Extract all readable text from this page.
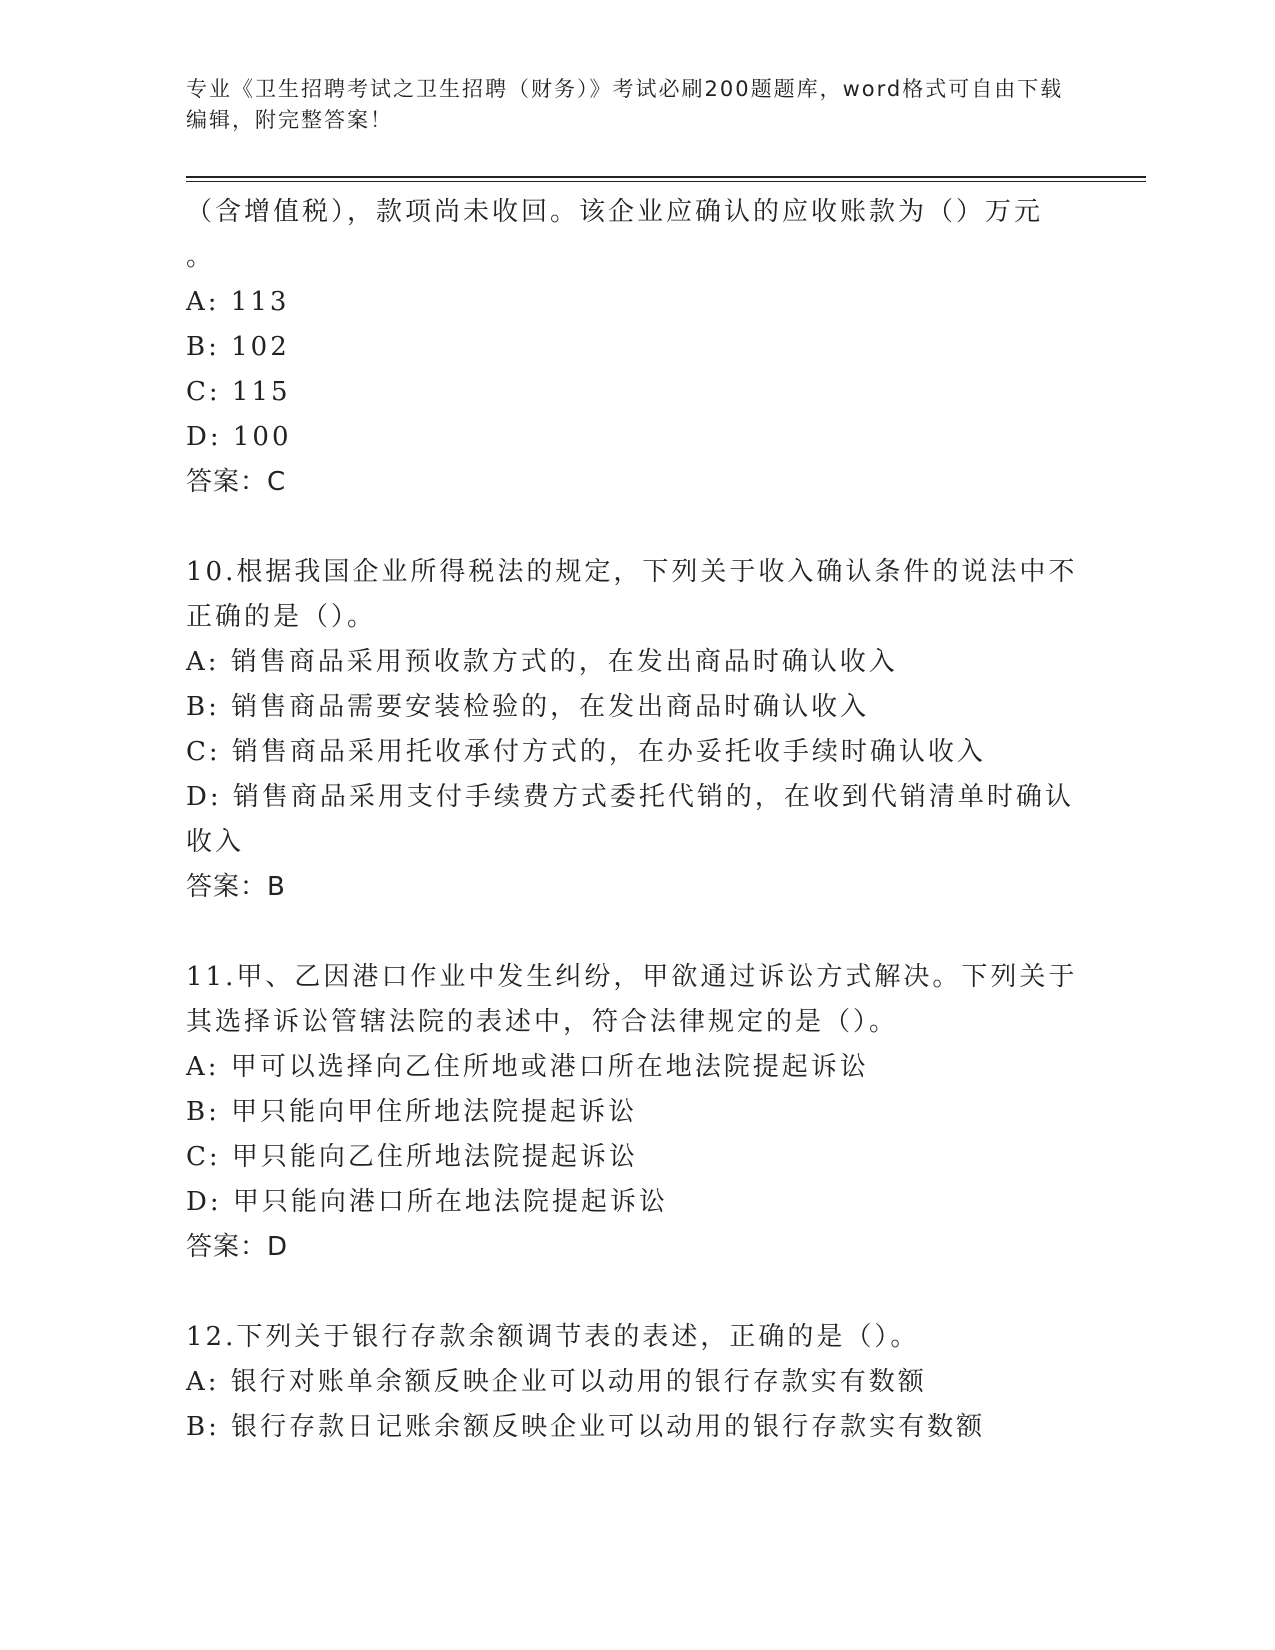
专业《卫生招聘考试之卫生招聘（财务）》考试必刷200题题库，word格式可自由下载编辑，附完整答案！
（含增值税），款项尚未收回。该企业应确认的应收账款为（）万元
。
A: 113
B: 102
C: 115
D: 100
答案：C
10.根据我国企业所得税法的规定，下列关于收入确认条件的说法中不
正确的是（）。
A: 销售商品采用预收款方式的，在发出商品时确认收入
B: 销售商品需要安装检验的，在发出商品时确认收入
C: 销售商品采用托收承付方式的，在办妥托收手续时确认收入
D: 销售商品采用支付手续费方式委托代销的，在收到代销清单时确认
收入
答案：B
11.甲、乙因港口作业中发生纠纷，甲欲通过诉讼方式解决。下列关于
其选择诉讼管辖法院的表述中，符合法律规定的是（）。
A: 甲可以选择向乙住所地或港口所在地法院提起诉讼
B: 甲只能向甲住所地法院提起诉讼
C: 甲只能向乙住所地法院提起诉讼
D: 甲只能向港口所在地法院提起诉讼
答案：D
12.下列关于银行存款余额调节表的表述，正确的是（）。
A: 银行对账单余额反映企业可以动用的银行存款实有数额
B: 银行存款日记账余额反映企业可以动用的银行存款实有数额
